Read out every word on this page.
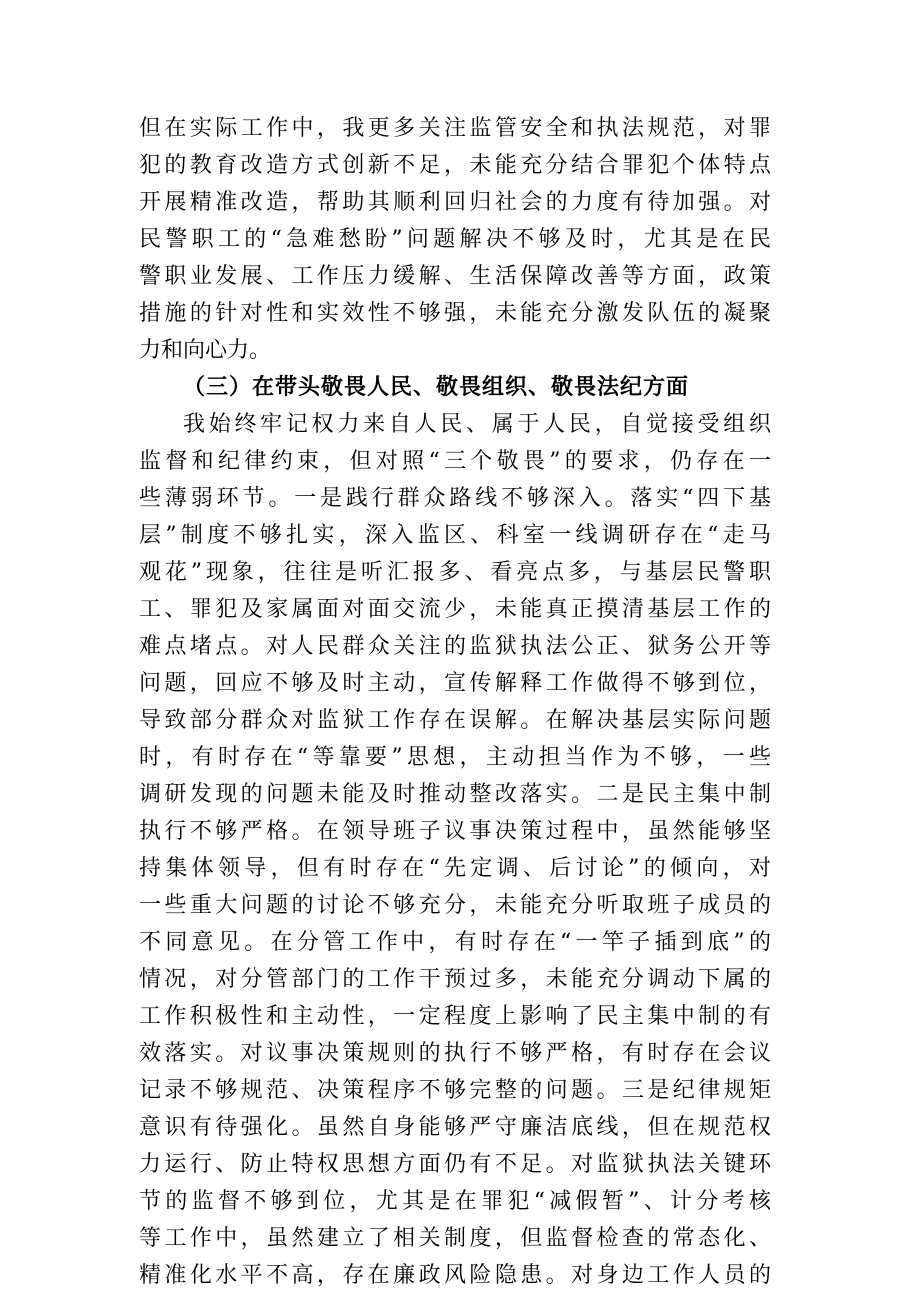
但在实际工作中，我更多关注监管安全和执法规范，对罪
犯的教育改造方式创新不足，未能充分结合罪犯个体特点
开展精准改造，帮助其顺利回归社会的力度有待加强。对
民警职工的“急难愁盼”问题解决不够及时，尤其是在民
警职业发展、工作压力缓解、生活保障改善等方面，政策
措施的针对性和实效性不够强，未能充分激发队伍的凝聚
力和向心力。
（三）在带头敬畏人民、敬畏组织、敬畏法纪方面
我始终牢记权力来自人民、属于人民，自觉接受组织
监督和纪律约束，但对照“三个敬畏”的要求，仍存在一
些薄弱环节。一是践行群众路线不够深入。落实“四下基
层”制度不够扎实，深入监区、科室一线调研存在“走马
观花”现象，往往是听汇报多、看亮点多，与基层民警职
工、罪犯及家属面对面交流少，未能真正摸清基层工作的
难点堵点。对人民群众关注的监狱执法公正、狱务公开等
问题，回应不够及时主动，宣传解释工作做得不够到位，
导致部分群众对监狱工作存在误解。在解决基层实际问题
时，有时存在“等靠要”思想，主动担当作为不够，一些
调研发现的问题未能及时推动整改落实。二是民主集中制
执行不够严格。在领导班子议事决策过程中，虽然能够坚
持集体领导，但有时存在“先定调、后讨论”的倾向，对
一些重大问题的讨论不够充分，未能充分听取班子成员的
不同意见。在分管工作中，有时存在“一竿子插到底”的
情况，对分管部门的工作干预过多，未能充分调动下属的
工作积极性和主动性，一定程度上影响了民主集中制的有
效落实。对议事决策规则的执行不够严格，有时存在会议
记录不够规范、决策程序不够完整的问题。三是纪律规矩
意识有待强化。虽然自身能够严守廉洁底线，但在规范权
力运行、防止特权思想方面仍有不足。对监狱执法关键环
节的监督不够到位，尤其是在罪犯“减假暂”、计分考核
等工作中，虽然建立了相关制度，但监督检查的常态化、
精准化水平不高，存在廉政风险隐患。对身边工作人员的
